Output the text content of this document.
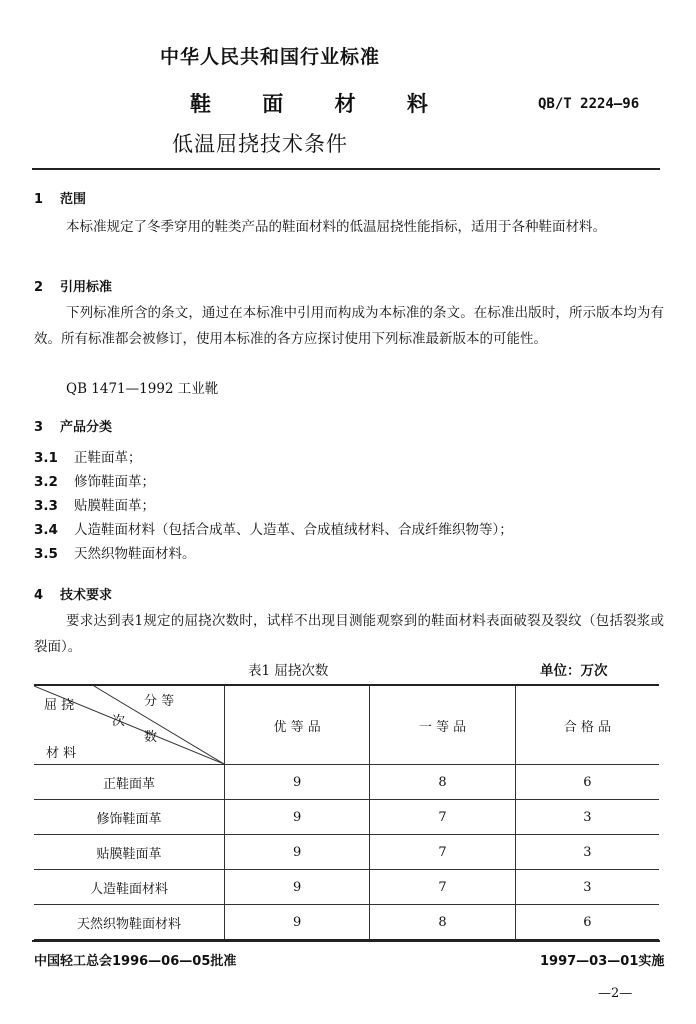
中华人民共和国行业标准
鞋 面 材 料	QB/T 2224—96
低温屈挠技术条件
1 范围
本标准规定了冬季穿用的鞋类产品的鞋面材料的低温屈挠性能指标，适用于各种鞋面材料。
2 引用标准
下列标准所含的条文，通过在本标准中引用而构成为本标准的条文。在标准出版时，所示版本均为有效。所有标准都会被修订，使用本标准的各方应探讨使用下列标准最新版本的可能性。
QB 1471—1992 工业靴
3 产品分类
3.1 正鞋面革；
3.2 修饰鞋面革；
3.3 贴膜鞋面革；
3.4 人造鞋面材料（包括合成革、人造革、合成植绒材料、合成纤维织物等）；
3.5 天然织物鞋面材料。
4 技术要求
要求达到表1规定的屈挠次数时，试样不出现目测能观察到的鞋面材料表面破裂及裂纹（包括裂浆或裂面）。
表1 屈挠次数	单位：万次
分 等
屈 挠
次
数
材 料	优 等 品	一 等 品	合 格 品
正鞋面革	9	8	6
修饰鞋面革	9	7	3
贴膜鞋面革	9	7	3
人造鞋面材料	9	7	3
天然织物鞋面材料	9	8	6
中国轻工总会1996—06—05批准	1997—03—01实施
—2—
